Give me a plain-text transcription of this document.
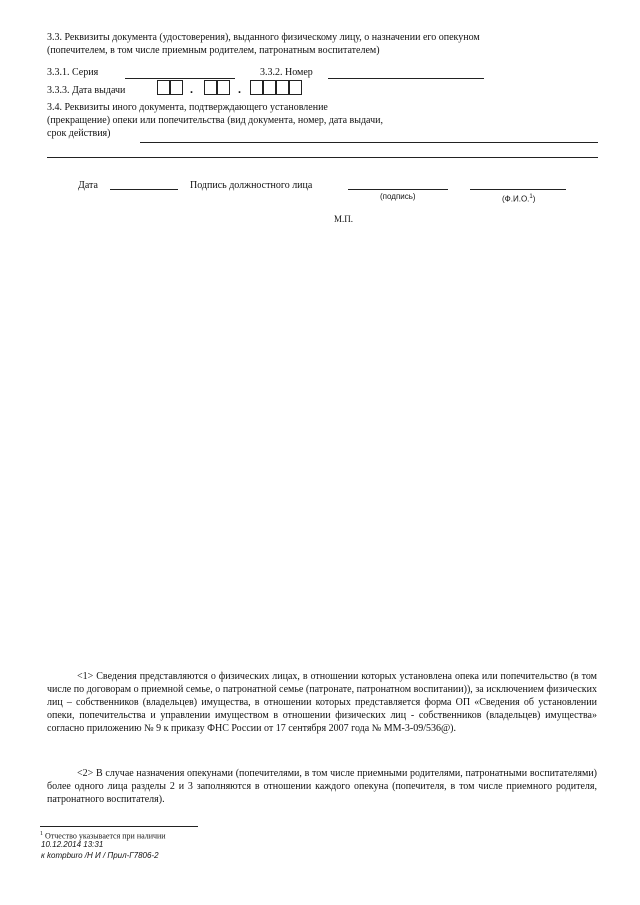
3.3. Реквизиты документа (удостоверения), выданного физическому лицу, о назначении его опекуном
(попечителем, в том числе приемным родителем, патронатным воспитателем)
3.3.1. Серия	3.3.2. Номер
3.3.3. Дата выдачи	.	.
3.4. Реквизиты иного документа, подтверждающего установление
(прекращение) опеки или попечительства (вид документа, номер, дата выдачи,
срок действия)
Дата	Подпись должностного лица
(подпись)	(Ф.И.О.$^1$)
М.П.

<1> Сведения представляются о физических лицах, в отношении которых установлена опека или попечительство (в том числе по договорам о приемной семье, о патронатной семье (патронате, патронатном воспитании)), за исключением физических лиц – собственников (владельцев) имущества, в отношении которых представляется форма ОП «Сведения об установлении опеки, попечительства и управлении имуществом в отношении физических лиц - собственников (владельцев) имущества» согласно приложению № 9 к приказу ФНС России от 17 сентября 2007 года № ММ-3-09/536@).

<2> В случае назначения опекунами (попечителями, в том числе приемными родителями, патронатными воспитателями) более одного лица разделы 2 и 3 заполняются в отношении каждого опекуна (попечителя, в том числе приемного родителя, патронатного воспитателя).

$^1$ Отчество указывается при наличии
10.12.2014 13:31
к kompburo /Н И / Прил-Г7806-2
